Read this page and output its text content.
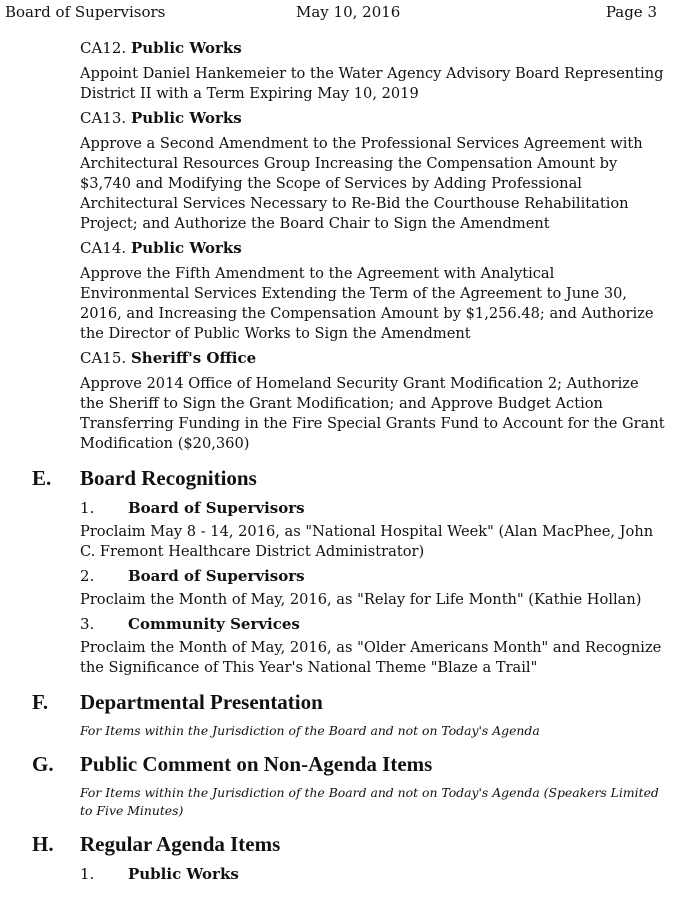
Board of Supervisors	May 10, 2016	Page 3
CA12. Public Works
Appoint Daniel Hankemeier to the Water Agency Advisory Board Representing District II with a Term Expiring May 10, 2019
CA13. Public Works
Approve a Second Amendment to the Professional Services Agreement with Architectural Resources Group Increasing the Compensation Amount by $3,740 and Modifying the Scope of Services by Adding Professional Architectural Services Necessary to Re-Bid the Courthouse Rehabilitation Project; and Authorize the Board Chair to Sign the Amendment
CA14. Public Works
Approve the Fifth Amendment to the Agreement with Analytical Environmental Services Extending the Term of the Agreement to June 30, 2016, and Increasing the Compensation Amount by $1,256.48; and Authorize the Director of Public Works to Sign the Amendment
CA15. Sheriff's Office
Approve 2014 Office of Homeland Security Grant Modification 2; Authorize the Sheriff to Sign the Grant Modification; and Approve Budget Action Transferring Funding in the Fire Special Grants Fund to Account for the Grant Modification ($20,360)
E. Board Recognitions
1. Board of Supervisors
Proclaim May 8 - 14, 2016, as "National Hospital Week" (Alan MacPhee, John C. Fremont Healthcare District Administrator)
2. Board of Supervisors
Proclaim the Month of May, 2016, as "Relay for Life Month" (Kathie Hollan)
3. Community Services
Proclaim the Month of May, 2016, as "Older Americans Month" and Recognize the Significance of This Year's National Theme "Blaze a Trail"
F. Departmental Presentation
For Items within the Jurisdiction of the Board and not on Today's Agenda
G. Public Comment on Non-Agenda Items
For Items within the Jurisdiction of the Board and not on Today's Agenda (Speakers Limited to Five Minutes)
H. Regular Agenda Items
1. Public Works
